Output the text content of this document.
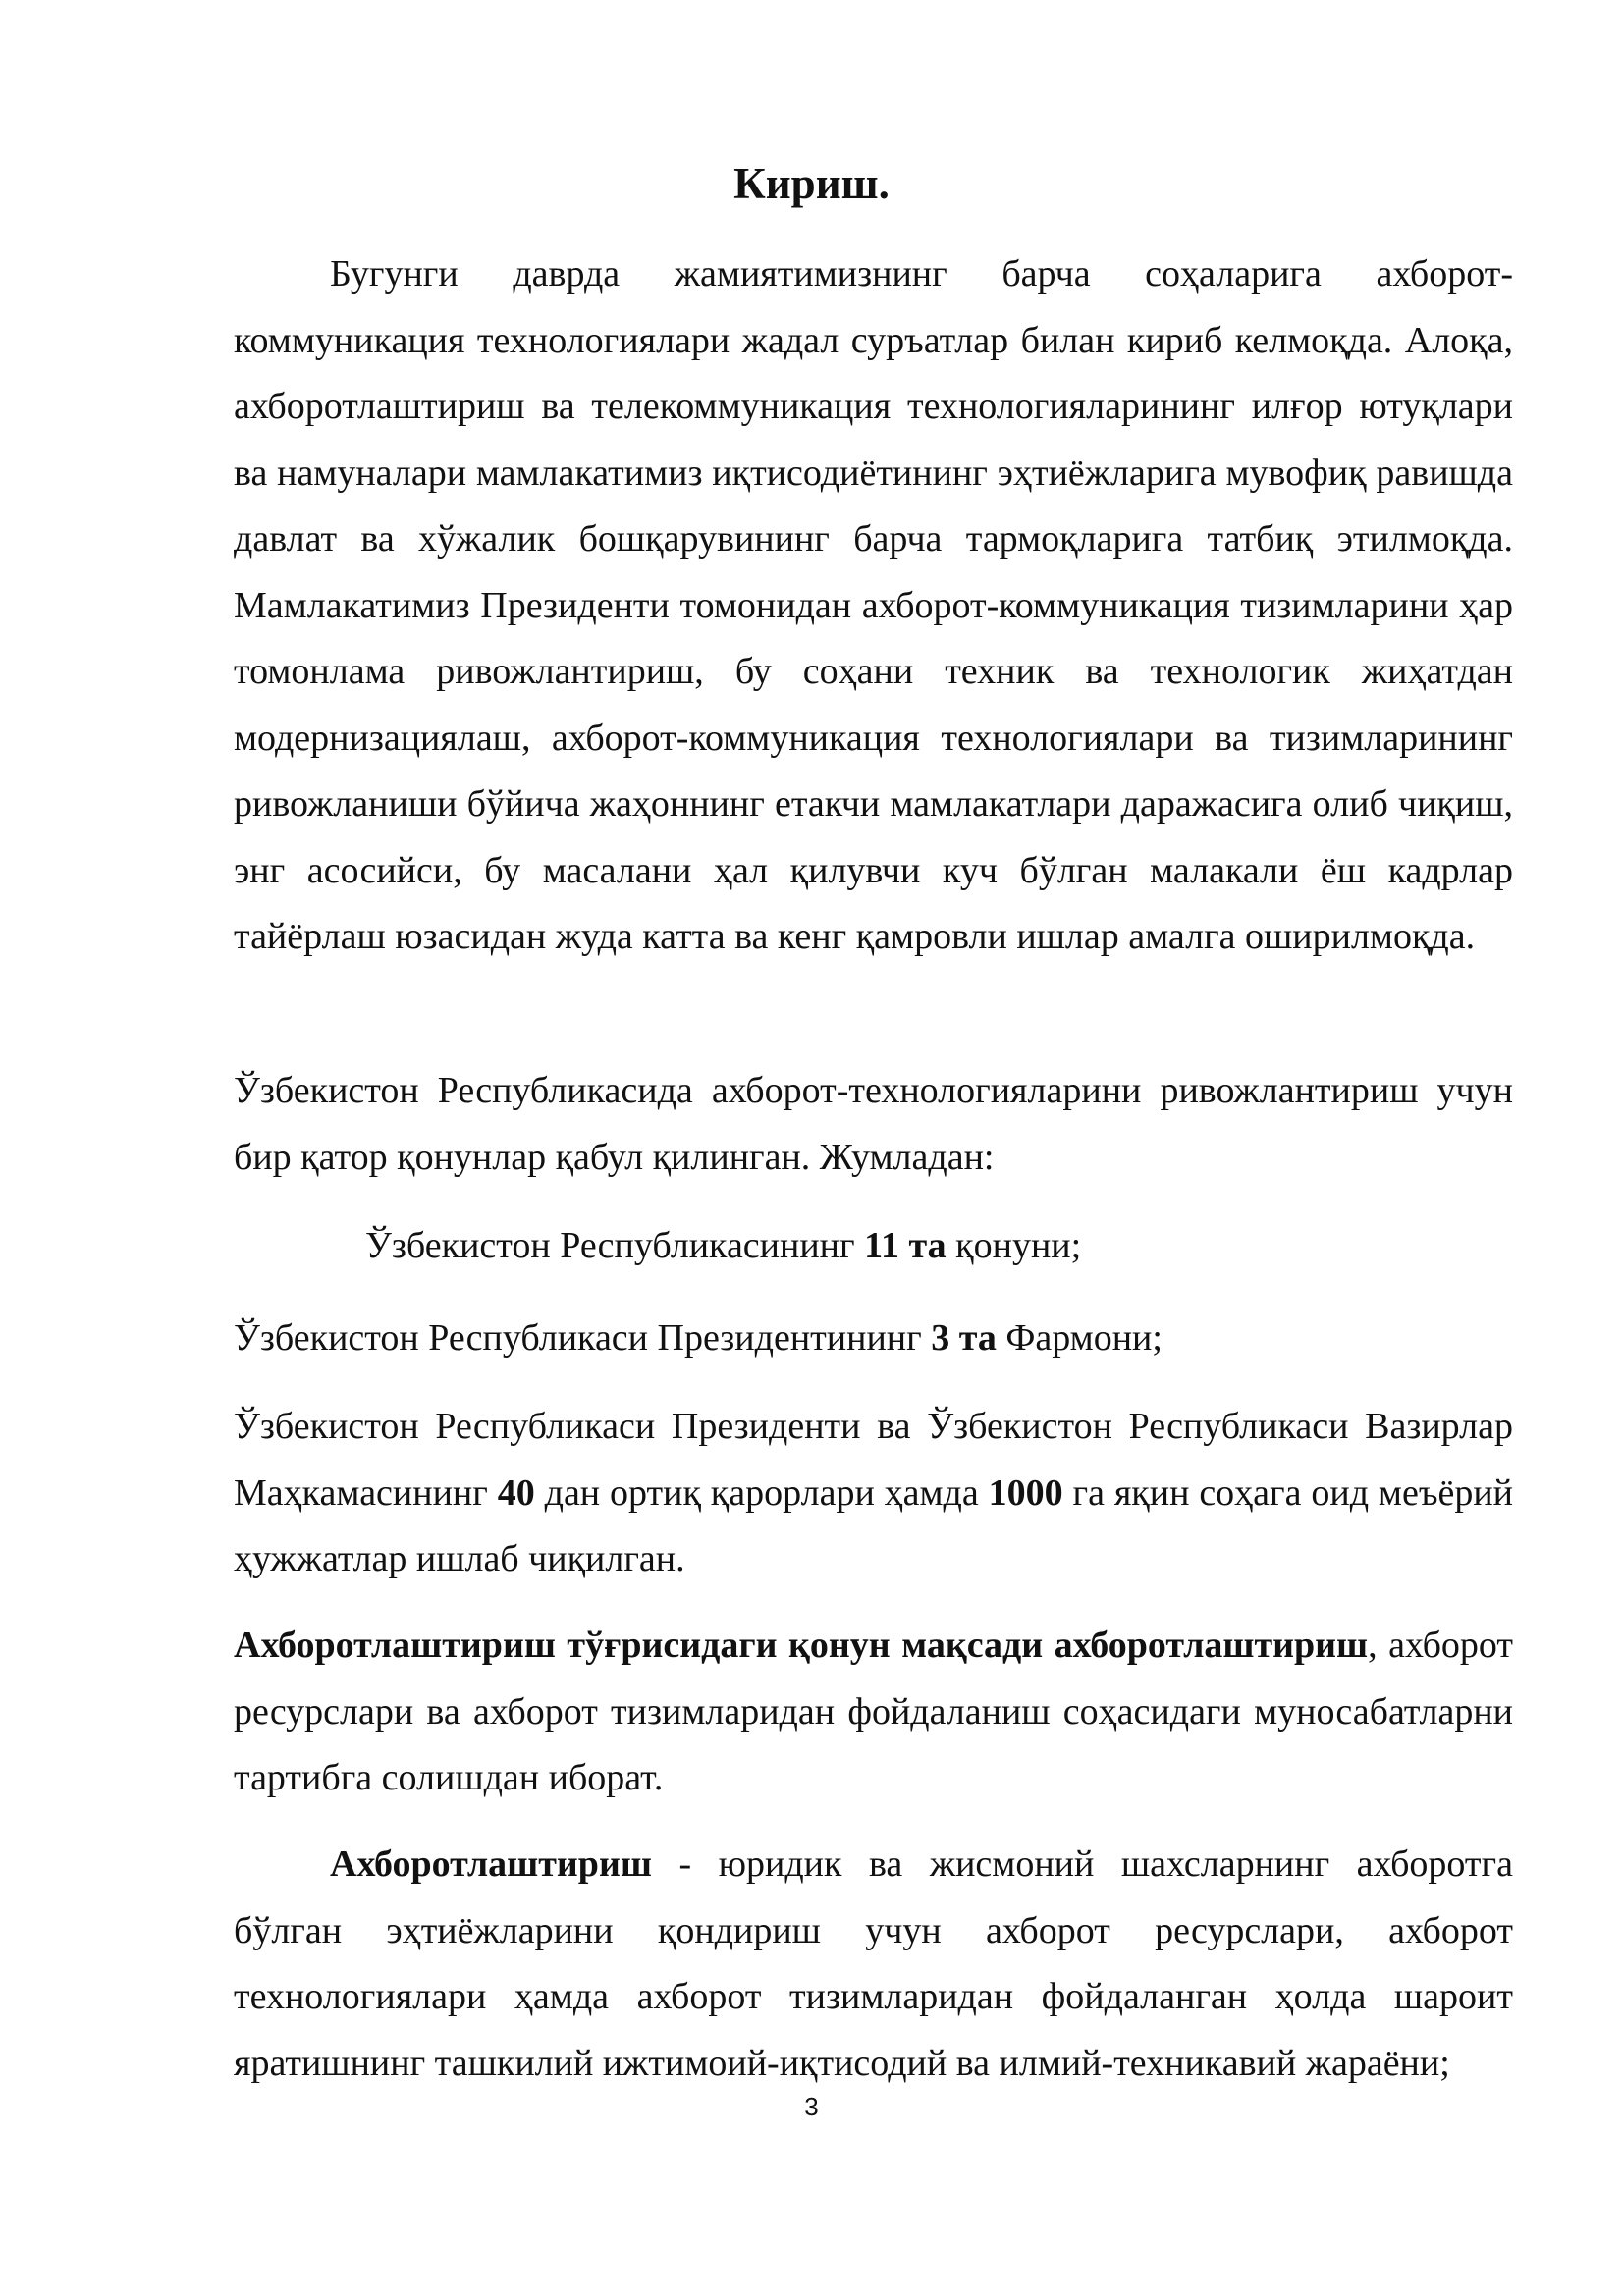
Кириш.

Бугунги даврда жамиятимизнинг барча соҳаларига ахборот-коммуникация технологиялари жадал суръатлар билан кириб келмоқда. Алоқа, ахборотлаштириш ва телекоммуникация технологияларининг илғор ютуқлари ва намуналари мамлакатимиз иқтисодиётининг эҳтиёжларига мувофиқ равишда давлат ва хўжалик бошқарувининг барча тармоқларига татбиқ этилмоқда. Мамлакатимиз Президенти томонидан ахборот-коммуникация тизимларини ҳар томонлама ривожлантириш, бу соҳани техник ва технологик жиҳатдан модернизациялаш, ахборот-коммуникация технологиялари ва тизимларининг ривожланиши бўйича жаҳоннинг етакчи мамлакатлари даражасига олиб чиқиш, энг асосийси, бу масалани ҳал қилувчи куч бўлган малакали ёш кадрлар тайёрлаш юзасидан жуда катта ва кенг қамровли ишлар амалга оширилмоқда.

Ўзбекистон Республикасида ахборот-технологияларини ривожлантириш учун бир қатор қонунлар қабул қилинган. Жумладан:

Ўзбекистон Республикасининг 11 та қонуни;

Ўзбекистон Республикаси Президентининг 3 та Фармони;

Ўзбекистон Республикаси Президенти ва Ўзбекистон Республикаси Вазирлар Маҳкамасининг 40 дан ортиқ қарорлари ҳамда 1000 га яқин соҳага оид меъёрий ҳужжатлар ишлаб чиқилган.

Ахборотлаштириш тўғрисидаги қонун мақсади ахборотлаштириш, ахборот ресурслари ва ахборот тизимларидан фойдаланиш соҳасидаги муносабатларни тартибга солишдан иборат.

Ахборотлаштириш - юридик ва жисмоний шахсларнинг ахборотга бўлган эҳтиёжларини қондириш учун ахборот ресурслари, ахборот технологиялари ҳамда ахборот тизимларидан фойдаланган ҳолда шароит яратишнинг ташкилий ижтимоий-иқтисодий ва илмий-техникавий жараёни;

3
